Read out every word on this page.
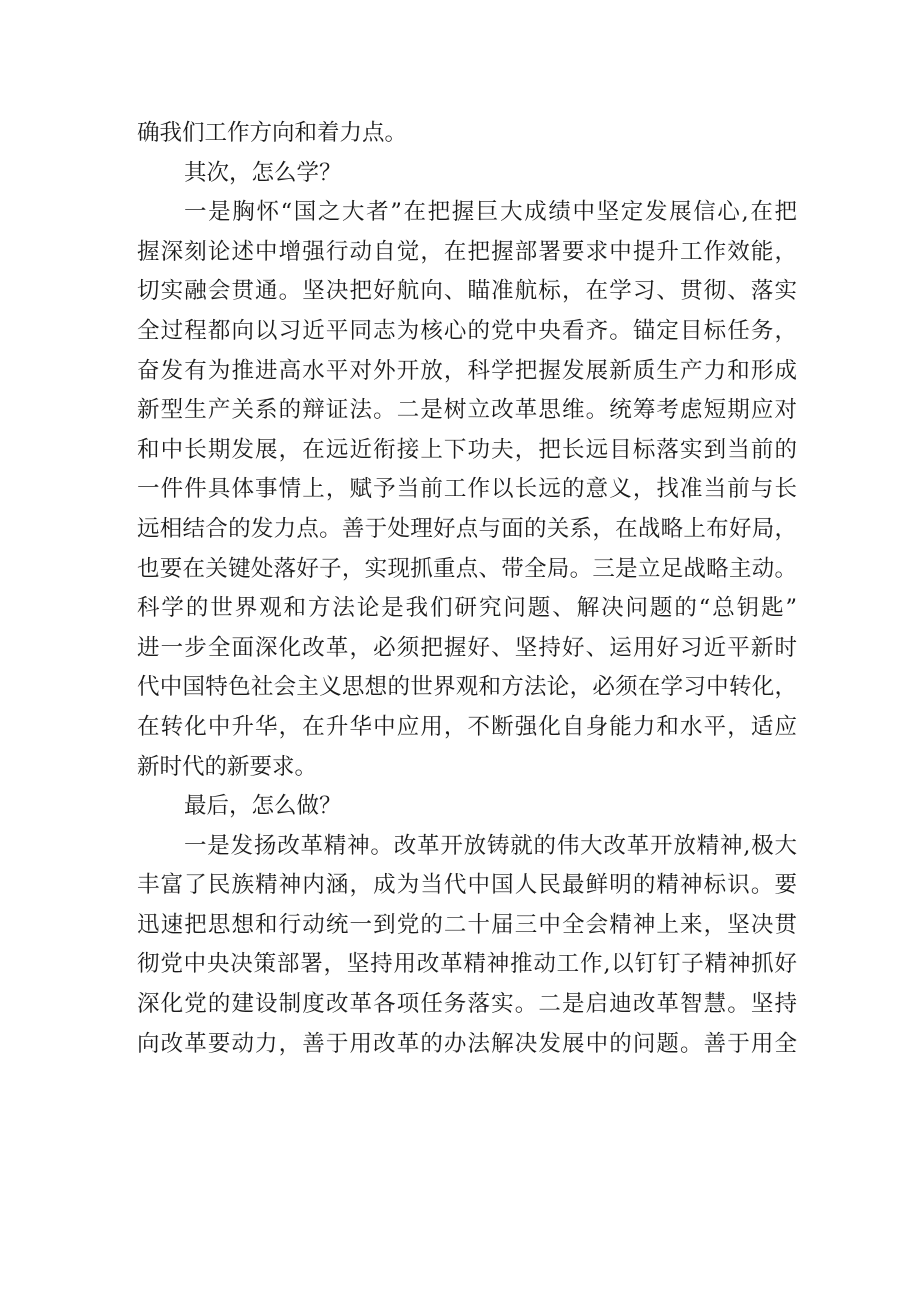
确我们工作方向和着力点。
其次，怎么学？
一是胸怀“国之大者”在把握巨大成绩中坚定发展信心,在把
握深刻论述中增强行动自觉，在把握部署要求中提升工作效能，
切实融会贯通。坚决把好航向、瞄准航标，在学习、贯彻、落实
全过程都向以习近平同志为核心的党中央看齐。锚定目标任务，
奋发有为推进高水平对外开放，科学把握发展新质生产力和形成
新型生产关系的辩证法。二是树立改革思维。统筹考虑短期应对
和中长期发展，在远近衔接上下功夫，把长远目标落实到当前的
一件件具体事情上，赋予当前工作以长远的意义，找准当前与长
远相结合的发力点。善于处理好点与面的关系，在战略上布好局，
也要在关键处落好子，实现抓重点、带全局。三是立足战略主动。
科学的世界观和方法论是我们研究问题、解决问题的“总钥匙”
进一步全面深化改革，必须把握好、坚持好、运用好习近平新时
代中国特色社会主义思想的世界观和方法论，必须在学习中转化，
在转化中升华，在升华中应用，不断强化自身能力和水平，适应
新时代的新要求。
最后，怎么做？
一是发扬改革精神。改革开放铸就的伟大改革开放精神,极大
丰富了民族精神内涵，成为当代中国人民最鲜明的精神标识。要
迅速把思想和行动统一到党的二十届三中全会精神上来，坚决贯
彻党中央决策部署，坚持用改革精神推动工作,以钉钉子精神抓好
深化党的建设制度改革各项任务落实。二是启迪改革智慧。坚持
向改革要动力，善于用改革的办法解决发展中的问题。善于用全
